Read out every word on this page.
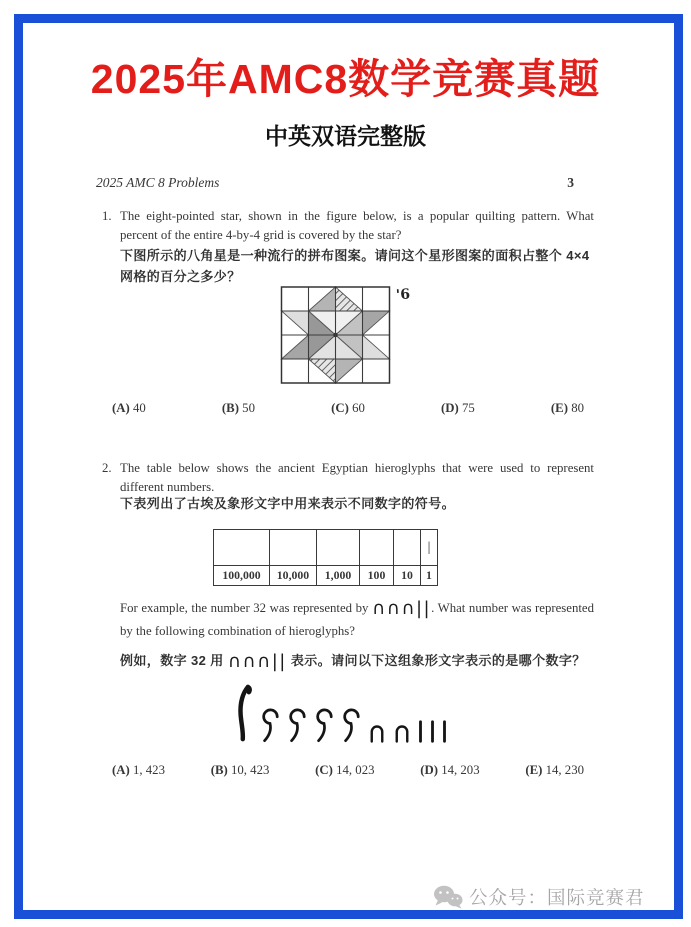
2025年AMC8数学竞赛真题
中英双语完整版
2025 AMC 8 Problems	3
1. The eight-pointed star, shown in the figure below, is a popular quilting pattern. What percent of the entire 4-by-4 grid is covered by the star?
下图所示的八角星是一种流行的拼布图案。请问这个星形图案的面积占整个 4×4 网格的百分之多少？
'6
(A) 40	(B) 50	(C) 60	(D) 75	(E) 80
2. The table below shows the ancient Egyptian hieroglyphs that were used to represent different numbers.
下表列出了古埃及象形文字中用来表示不同数字的符号。
					|
100,000	10,000	1,000	100	10	1
For example, the number 32 was represented by ∩∩∩||. What number was represented by the following combination of hieroglyphs?
例如，数字 32 用 ∩∩∩|| 表示。请问以下这组象形文字表示的是哪个数字？
(A) 1, 423	(B) 10, 423	(C) 14, 023	(D) 14, 203	(E) 14, 230
公众号：国际竞赛君
